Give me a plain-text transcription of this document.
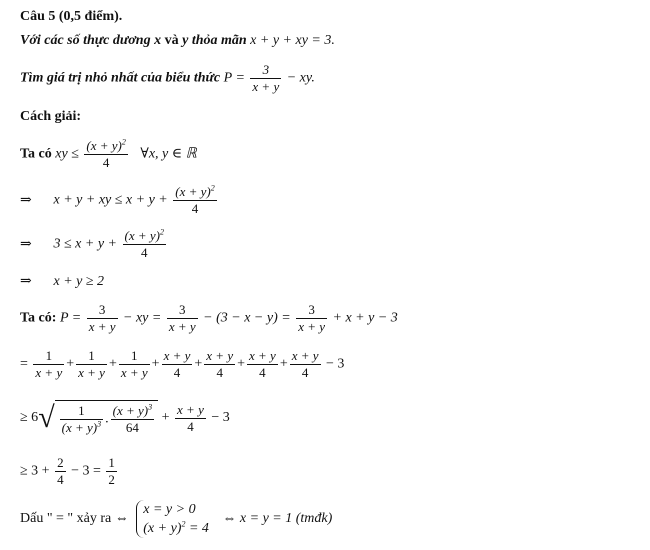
Câu 5 (0,5 điểm).
Với các số thực dương x và y thỏa mãn x + y + xy = 3.
Tìm giá trị nhỏ nhất của biểu thức $P = \frac{3}{x + y}$ − xy.
Cách giải:
Ta có xy ≤ $\frac{(x + y)^2}{4}$ ∀x, y ∈ ℝ
⇒ x + y + xy ≤ $x + y + \frac{(x + y)^2}{4}$
⇒ $3 \le x + y + \frac{(x + y)^2}{4}$
⇒ x + y ≥ 2
Ta có: $P = \frac{3}{x + y}$ − xy = $\frac{3}{x + y} - (3 - x - y) = \frac{3}{x + y} + x + y - 3$
= $\frac{1}{x + y} + \frac{1}{x + y} + \frac{1}{x + y} + \frac{x + y}{4} + \frac{x + y}{4} + \frac{x + y}{4} + \frac{x + y}{4} - 3$
≥ $6√ \frac{1}{(x + y)^3}$ . $\frac{(x + y)^3}{64} + \frac{x + y}{4} - 3$
≥ $3 + \frac{2}{4} - 3 = \frac{1}{2}$
Dấu " = " xảy ra ⇔
x = y > 0
$(x + y)^2 = 4$
⇔ x = y = 1 (tmđk)
